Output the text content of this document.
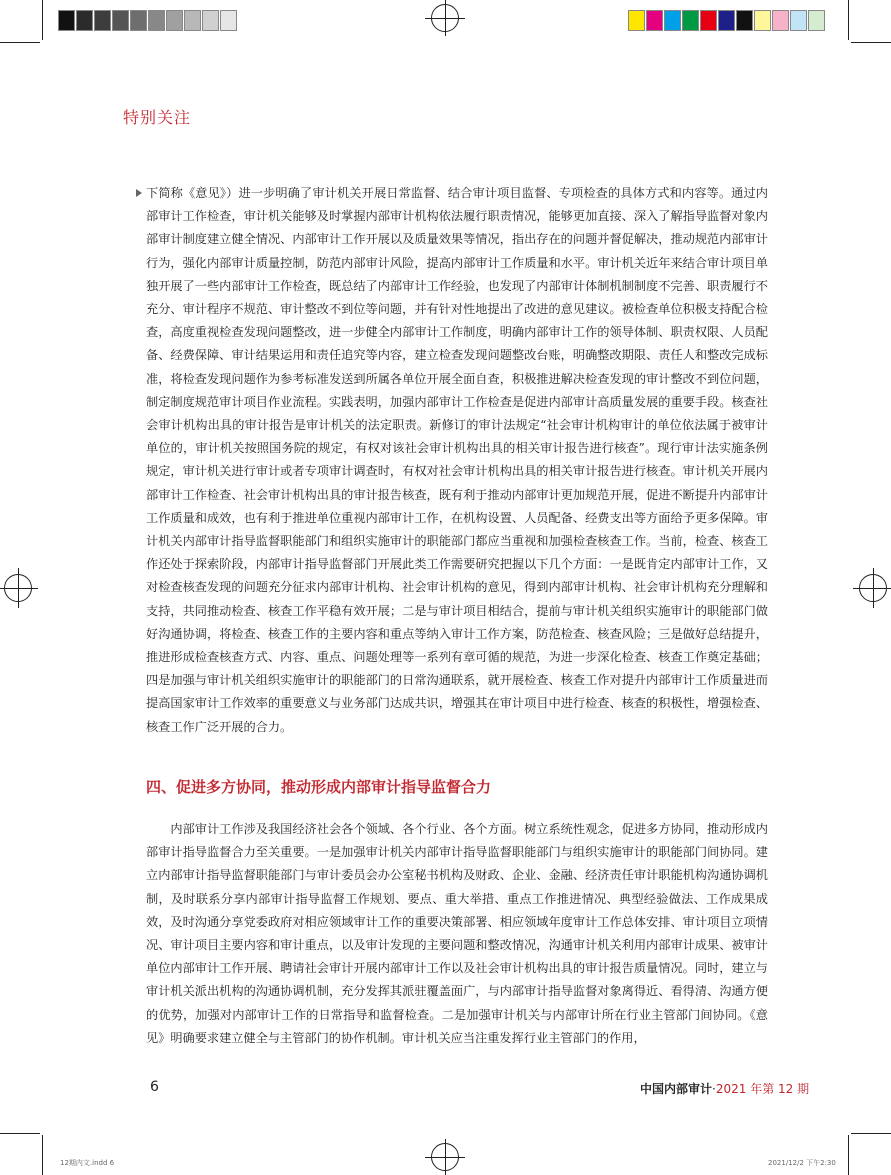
特别关注
下简称《意见》）进一步明确了审计机关开展日常监督、结合审计项目监督、专项检查的具体方式和内容等。通过内部审计工作检查，审计机关能够及时掌握内部审计机构依法履行职责情况，能够更加直接、深入了解指导监督对象内部审计制度建立健全情况、内部审计工作开展以及质量效果等情况，指出存在的问题并督促解决，推动规范内部审计行为，强化内部审计质量控制，防范内部审计风险，提高内部审计工作质量和水平。审计机关近年来结合审计项目单独开展了一些内部审计工作检查，既总结了内部审计工作经验，也发现了内部审计体制机制制度不完善、职责履行不充分、审计程序不规范、审计整改不到位等问题，并有针对性地提出了改进的意见建议。被检查单位积极支持配合检查，高度重视检查发现问题整改，进一步健全内部审计工作制度，明确内部审计工作的领导体制、职责权限、人员配备、经费保障、审计结果运用和责任追究等内容，建立检查发现问题整改台账，明确整改期限、责任人和整改完成标准，将检查发现问题作为参考标准发送到所属各单位开展全面自查，积极推进解决检查发现的审计整改不到位问题，制定制度规范审计项目作业流程。实践表明，加强内部审计工作检查是促进内部审计高质量发展的重要手段。核查社会审计机构出具的审计报告是审计机关的法定职责。新修订的审计法规定“社会审计机构审计的单位依法属于被审计单位的，审计机关按照国务院的规定，有权对该社会审计机构出具的相关审计报告进行核查”。现行审计法实施条例规定，审计机关进行审计或者专项审计调查时，有权对社会审计机构出具的相关审计报告进行核查。审计机关开展内部审计工作检查、社会审计机构出具的审计报告核查，既有利于推动内部审计更加规范开展，促进不断提升内部审计工作质量和成效，也有利于推进单位重视内部审计工作，在机构设置、人员配备、经费支出等方面给予更多保障。审计机关内部审计指导监督职能部门和组织实施审计的职能部门都应当重视和加强检查核查工作。当前，检查、核查工作还处于探索阶段，内部审计指导监督部门开展此类工作需要研究把握以下几个方面：一是既肯定内部审计工作，又对检查核查发现的问题充分征求内部审计机构、社会审计机构的意见，得到内部审计机构、社会审计机构充分理解和支持，共同推动检查、核查工作平稳有效开展；二是与审计项目相结合，提前与审计机关组织实施审计的职能部门做好沟通协调，将检查、核查工作的主要内容和重点等纳入审计工作方案，防范检查、核查风险；三是做好总结提升，推进形成检查核查方式、内容、重点、问题处理等一系列有章可循的规范，为进一步深化检查、核查工作奠定基础；四是加强与审计机关组织实施审计的职能部门的日常沟通联系，就开展检查、核查工作对提升内部审计工作质量进而提高国家审计工作效率的重要意义与业务部门达成共识，增强其在审计项目中进行检查、核查的积极性，增强检查、核查工作广泛开展的合力。
四、促进多方协同，推动形成内部审计指导监督合力
内部审计工作涉及我国经济社会各个领域、各个行业、各个方面。树立系统性观念，促进多方协同，推动形成内部审计指导监督合力至关重要。一是加强审计机关内部审计指导监督职能部门与组织实施审计的职能部门间协同。建立内部审计指导监督职能部门与审计委员会办公室秘书机构及财政、企业、金融、经济责任审计职能机构沟通协调机制，及时联系分享内部审计指导监督工作规划、要点、重大举措、重点工作推进情况、典型经验做法、工作成果成效，及时沟通分享党委政府对相应领域审计工作的重要决策部署、相应领域年度审计工作总体安排、审计项目立项情况、审计项目主要内容和审计重点，以及审计发现的主要问题和整改情况，沟通审计机关利用内部审计成果、被审计单位内部审计工作开展、聘请社会审计开展内部审计工作以及社会审计机构出具的审计报告质量情况。同时，建立与审计机关派出机构的沟通协调机制，充分发挥其派驻覆盖面广，与内部审计指导监督对象离得近、看得清、沟通方便的优势，加强对内部审计工作的日常指导和监督检查。二是加强审计机关与内部审计所在行业主管部门间协同。《意见》明确要求建立健全与主管部门的协作机制。审计机关应当注重发挥行业主管部门的作用，
6	中国内部审计·2021 年第 12 期
12期内文.indd 6	2021/12/2 下午2:30
